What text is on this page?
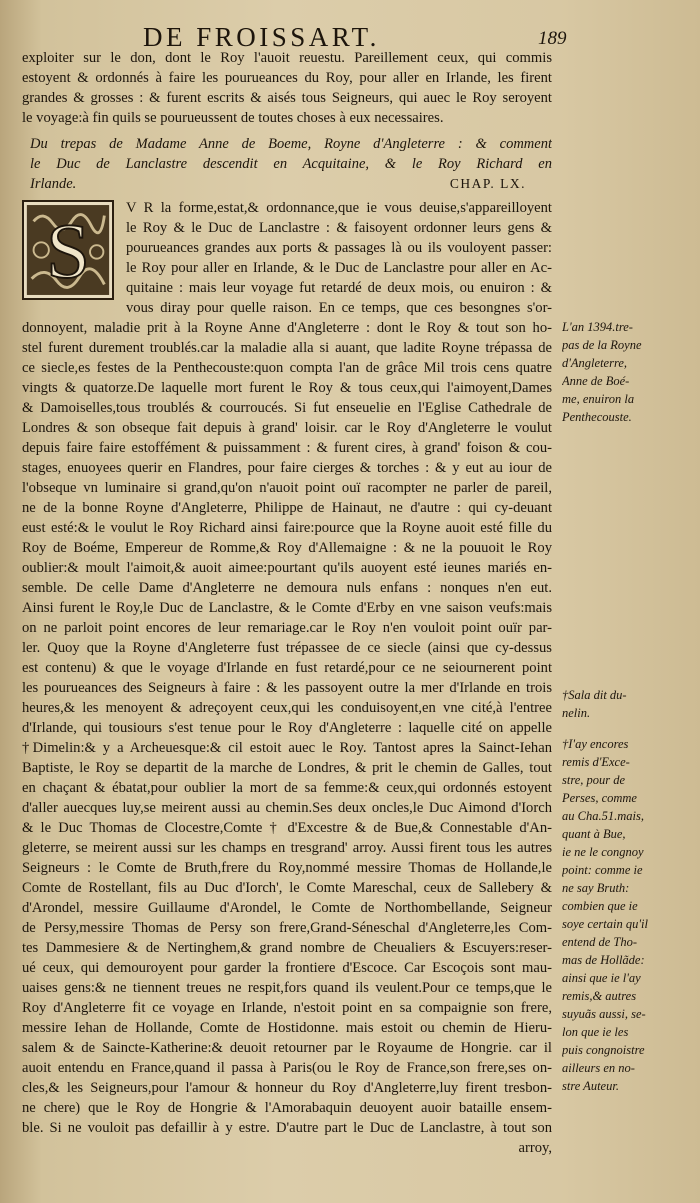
DE FROISSART.	189
exploiter sur le don, dont le Roy l'auoit reuestu. Pareillement ceux, qui commis
estoyent & ordonnés à faire les pourueances du Roy, pour aller en Irlande, les firent
grandes & grosses : & furent escrits & aisés tous Seigneurs, qui auec le Roy seroyent
le voyage:à fin quils se pourueussent de toutes choses à eux necessaires.
Du trepas de Madame Anne de Boeme, Royne d'Angleterre : & comment
le Duc de Lanclastre descendit en Acquitaine, & le Roy Richard en
Irlande.	CHAP. LX.
S	V R la forme,estat,& ordonnance,que ie vous deuise,s'appareilloyent
le Roy & le Duc de Lanclastre : & faisoyent ordonner leurs gens &
pourueances grandes aux ports & passages là ou ils vouloyent passer:
le Roy pour aller en Irlande, & le Duc de Lanclastre pour aller en Ac-
quitaine : mais leur voyage fut retardé de deux mois, ou enuiron : &
vous diray pour quelle raison. En ce temps, que ces besongnes s'or-
donnoyent, maladie prit à la Royne Anne d'Angleterre : dont le Roy & tout son ho-
stel furent durement troublés.car la maladie alla si auant, que ladite Royne trépassa de
ce siecle,es festes de la Penthecouste:quon compta l'an de grâce Mil trois cens quatre
vingts & quatorze.De laquelle mort furent le Roy & tous ceux,qui l'aimoyent,Dames
& Damoiselles,tous troublés & courroucés. Si fut enseuelie en l'Eglise Cathedrale de
Londres & son obseque fait depuis à grand' loisir. car le Roy d'Angleterre le voulut
depuis faire faire estoffément & puissamment : & furent cires, à grand' foison & cou-
stages, enuoyees querir en Flandres, pour faire cierges & torches : & y eut au iour de
l'obseque vn luminaire si grand,qu'on n'auoit point ouï racompter ne parler de pareil,
ne de la bonne Royne d'Angleterre, Philippe de Hainaut, ne d'autre : qui cy-deuant
eust esté:& le voulut le Roy Richard ainsi faire:pource que la Royne auoit esté fille du
Roy de Boéme, Empereur de Romme,& Roy d'Allemaigne : & ne la pouuoit le Roy
oublier:& moult l'aimoit,& auoit aimee:pourtant qu'ils auoyent esté ieunes mariés en-
semble. De celle Dame d'Angleterre ne demoura nuls enfans : nonques n'en eut.
Ainsi furent le Roy,le Duc de Lanclastre, & le Comte d'Erby en vne saison veufs:mais
on ne parloit point encores de leur remariage.car le Roy n'en vouloit point ouïr par-
ler. Quoy que la Royne d'Angleterre fust trépassee de ce siecle (ainsi que cy-dessus
est contenu) & que le voyage d'Irlande en fust retardé,pour ce ne seiournerent point
les pourueances des Seigneurs à faire : & les passoyent outre la mer d'Irlande en trois
heures,& les menoyent & adreçoyent ceux,qui les conduisoyent,en vne cité,à l'entree
d'Irlande, qui tousiours s'est tenue pour le Roy d'Angleterre : laquelle cité on appelle
†Dimelin:& y a Archeuesque:& cil estoit auec le Roy. Tantost apres la Sainct-Iehan
Baptiste, le Roy se departit de la marche de Londres, & prit le chemin de Galles, tout
en chaçant & ébatat,pour oublier la mort de sa femme:& ceux,qui ordonnés estoyent
d'aller auecques luy,se meirent aussi au chemin.Ses deux oncles,le Duc Aimond d'Iorch
& le Duc Thomas de Clocestre,Comte † d'Excestre & de Bue,& Connestable d'An-
gleterre, se meirent aussi sur les champs en tresgrand' arroy. Aussi firent tous les autres
Seigneurs : le Comte de Bruth,frere du Roy,nommé messire Thomas de Hollande,le
Comte de Rostellant, fils au Duc d'Iorch', le Comte Mareschal, ceux de Sallebery &
d'Arondel, messire Guillaume d'Arondel, le Comte de Northombellande, Seigneur
de Persy,messire Thomas de Persy son frere,Grand-Séneschal d'Angleterre,les Com-
tes Dammesiere & de Nertinghem,& grand nombre de Cheualiers & Escuyers:reser-
ué ceux, qui demouroyent pour garder la frontiere d'Escoce. Car Escoçois sont mau-
uaises gens:& ne tiennent treues ne respit,fors quand ils veulent.Pour ce temps,que le
Roy d'Angleterre fit ce voyage en Irlande, n'estoit point en sa compaignie son frere,
messire Iehan de Hollande, Comte de Hostidonne. mais estoit ou chemin de Hieru-
salem & de Saincte-Katherine:& deuoit retourner par le Royaume de Hongrie. car il
auoit entendu en France,quand il passa à Paris(ou le Roy de France,son frere,ses on-
cles,& les Seigneurs,pour l'amour & honneur du Roy d'Angleterre,luy firent tresbon-
ne chere) que le Roy de Hongrie & l'Amorabaquin deuoyent auoir bataille ensem-
ble. Si ne vouloit pas defaillir à y estre. D'autre part le Duc de Lanclastre, à tout son
arroy,
L'an 1394.tre-
pas de la Royne
d'Angleterre,
Anne de Boé-
me, enuiron la
Penthecouste.
†Sala dit du-
nelin.
†I'ay encores
remis d'Exce-
stre, pour de
Perses, comme
au Cha.51.mais,
quant à Bue,
ie ne le congnoy
point: comme ie
ne say Bruth:
combien que ie
soye certain qu'il
entend de Tho-
mas de Hollãde:
ainsi que ie l'ay
remis,& autres
suyuãs aussi, se-
lon que ie les
puis congnoistre
ailleurs en no-
stre Auteur.
